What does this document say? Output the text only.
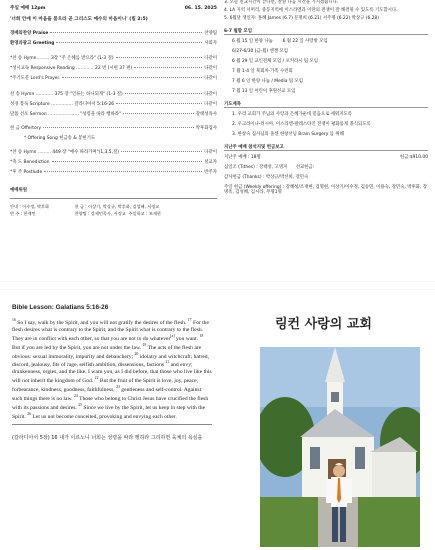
주일 예배 12pm	06. 15. 2025
'너희 안에 이 마음을 품으라 곧 그리스도 예수의 마음이니' (빌 2:5)
경배와찬양 Praise	찬양팀
환영과광고 Greeting	사회자
*찬 송 Hymn……… 3장 "주 은혜를 받으라" (1-3 절)	다같이
*성시교독 Responsive Reading ………… 22 번 (시편 37 편)	다같이
*주기도문 Lord's Prayer.	다같이
찬 송 Hymn ………… 375 장 "인류는 하나되게" (1-3 절)	다같이
성경 봉독 Scripture …………… 갈라디아서 5:16-26	다같이
말씀 선포 Sermon ………………… "성령을 따라 행하라"	강태성목사
헌 금 Offertory	박후화집사
* Offering Song 헌금송 & 봉헌기도
*찬 송 Hymn ……… 449 장 "예수 따라가며"(1,3,5,절)	다같이
*축 도 Benediction	설교자
*후 주 Postlude	반주자
예배위원
안내 : 이수정, 박후화	헌 금 : 이상기, 박상규, 박후화, 김성혜, 서정교
반 주 : 한재민	찬양팀 : 강제민목사, 서정교 주일학교 : 조재현

3. 오늘 친교시간이 끝나면, 찬양 다음 시간을 가지겠습니다.

4. LA 지역 서머리, 중동지역에 이스라엘과 이란의 전쟁이 잘 해결될 수 있도록 기도합시다.

5. 6월달 생일자: 홍혜 James (6.7) 문명희 (6.21) 서주명 (6.22) 박상규 (6.28)

6-7 월말 모임
6 월 15 일 한양 나눔 6 월 22 일 사랑방 모임
6/27-6/30 (금-월) 엔젤 모임
6 월 29 일 교인전체 모임 / 포커라시 팀 모임
7 월 1-4 일 북회차·가족 수련회
7 월 6 일 한양 나눔 / Media 팀 모임
7 월 13 일 어린이 후원선교 모임
기도제목
1. 우리 교회가 주님의 사랑과 은혜가운데 믿음으로 세워지도록
2. 우크라이나-러시아, 이스라엘-팔레스타인 전쟁이 평화롭게 종식되도록
3. 한창숙 집사님의 올센 한창선님 Brain Surgery 를 위해
지난주 예배 참석지및 헌금보고
지난주 예배 : 18명	헌금:$910.00
십일조 (Tithes) : 강태성, 고명지 선교헌금:
감사헌금 (Thanks) : 박상규/박선희, 강민숙
주일 헌금 (Weekly offering) : 강혜성/조재현, 김명현, 이상기/이수정, 김승민, 이용숙, 강민숙, 박후화, 장명옥, 김성혜, 김시라, 무명1명
Bible Lesson: Galatians 5:16-26

$^{16}$ So I say, walk by the Spirit, and you will not gratify the desires of the flesh. $^{17}$ For the flesh desires what is contrary to the Spirit, and the Spirit what is contrary to the flesh. They are in conflict with each other, so that you are not to do whatever[a] you want. $^{18}$ But if you are led by the Spirit, you are not under the law. $^{19}$ The acts of the flesh are obvious: sexual immorality, impurity and debauchery; $^{20}$ idolatry and witchcraft; hatred, discord, jealousy, fits of rage, selfish ambition, dissensions, factions $^{21}$ and envy; drunkenness, orgies, and the like. I warn you, as I did before, that those who live like this will not inherit the kingdom of God. $^{22}$ But the fruit of the Spirit is love, joy, peace, forbearance, kindness, goodness, faithfulness, $^{23}$ gentleness and self-control. Against such things there is no law. $^{24}$ Those who belong to Christ Jesus have crucified the flesh with its passions and desires. $^{25}$ Since we live by the Spirit, let us keep in step with the Spirit. $^{26}$ Let us not become conceited, provoking and envying each other.

(갈라디아서 5장) 16 내가 이르노니 너희는 성령을 따라 행하라 그리하면 육체의 욕심을

링컨 사랑의 교회
